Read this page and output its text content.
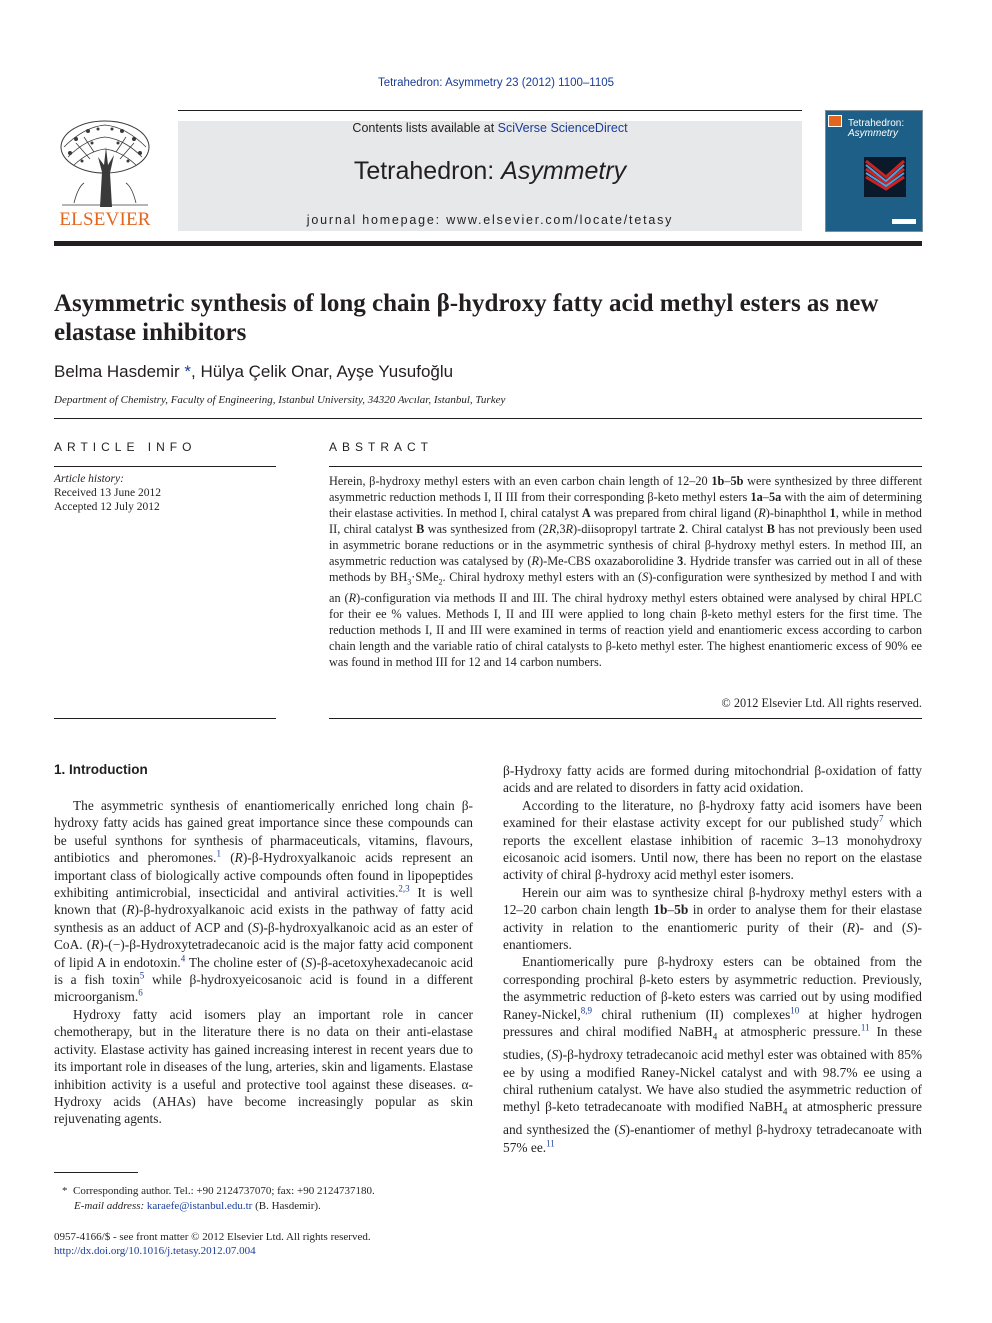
Tetrahedron: Asymmetry 23 (2012) 1100–1105
ELSEVIER
Contents lists available at SciVerse ScienceDirect
Tetrahedron: Asymmetry
journal homepage: www.elsevier.com/locate/tetasy
Tetrahedron:
Asymmetry
Asymmetric synthesis of long chain β-hydroxy fatty acid methyl esters as new elastase inhibitors
Belma Hasdemir *, Hülya Çelik Onar, Ayşe Yusufoğlu
Department of Chemistry, Faculty of Engineering, Istanbul University, 34320 Avcılar, Istanbul, Turkey
ARTICLE INFO
Article history:
Received 13 June 2012
Accepted 12 July 2012
ABSTRACT
Herein, β-hydroxy methyl esters with an even carbon chain length of 12–20 1b–5b were synthesized by three different asymmetric reduction methods I, II III from their corresponding β-keto methyl esters 1a–5a with the aim of determining their elastase activities. In method I, chiral catalyst A was prepared from chiral ligand (R)-binaphthol 1, while in method II, chiral catalyst B was synthesized from (2R,3R)-diisopropyl tartrate 2. Chiral catalyst B has not previously been used in asymmetric borane reductions or in the asymmetric synthesis of chiral β-hydroxy methyl esters. In method III, an asymmetric reduction was catalysed by (R)-Me-CBS oxazaborolidine 3. Hydride transfer was carried out in all of these methods by $BH_3\cdot SMe_2$. Chiral hydroxy methyl esters with an (S)-configuration were synthesized by method I and with an (R)-configuration via methods II and III. The chiral hydroxy methyl esters obtained were analysed by chiral HPLC for their ee % values. Methods I, II and III were applied to long chain β-keto methyl esters for the first time. The reduction methods I, II and III were examined in terms of reaction yield and enantiomeric excess according to carbon chain length and the variable ratio of chiral catalysts to β-keto methyl ester. The highest enantiomeric excess of 90% ee was found in method III for 12 and 14 carbon numbers.
© 2012 Elsevier Ltd. All rights reserved.
1. Introduction

The asymmetric synthesis of enantiomerically enriched long chain β-hydroxy fatty acids has gained great importance since these compounds can be useful synthons for synthesis of pharmaceuticals, vitamins, flavours, antibiotics and pheromones.$^1$ (R)-β-Hydroxyalkanoic acids represent an important class of biologically active compounds often found in lipopeptides exhibiting antimicrobial, insecticidal and antiviral activities.$^{2,3}$ It is well known that (R)-β-hydroxyalkanoic acid exists in the pathway of fatty acid synthesis as an adduct of ACP and (S)-β-hydroxyalkanoic acid as an ester of CoA. (R)-(−)-β-Hydroxytetradecanoic acid is the major fatty acid component of lipid A in endotoxin.$^4$ The choline ester of (S)-β-acetoxyhexadecanoic acid is a fish toxin$^5$ while β-hydroxyeicosanoic acid is found in a different microorganism.$^6$

Hydroxy fatty acid isomers play an important role in cancer chemotherapy, but in the literature there is no data on their anti-elastase activity. Elastase activity has gained increasing interest in recent years due to its important role in diseases of the lung, arteries, skin and ligaments. Elastase inhibition activity is a useful and protective tool against these diseases. α-Hydroxy acids (AHAs) have become increasingly popular as skin rejuvenating agents.

β-Hydroxy fatty acids are formed during mitochondrial β-oxidation of fatty acids and are related to disorders in fatty acid oxidation.

According to the literature, no β-hydroxy fatty acid isomers have been examined for their elastase activity except for our published study$^7$ which reports the excellent elastase inhibition of racemic 3–13 monohydroxy eicosanoic acid isomers. Until now, there has been no report on the elastase activity of chiral β-hydroxy acid methyl ester isomers.

Herein our aim was to synthesize chiral β-hydroxy methyl esters with a 12–20 carbon chain length 1b–5b in order to analyse them for their elastase activity in relation to the enantiomeric purity of their (R)- and (S)-enantiomers.

Enantiomerically pure β-hydroxy esters can be obtained from the corresponding prochiral β-keto esters by asymmetric reduction. Previously, the asymmetric reduction of β-keto esters was carried out by using modified Raney-Nickel,$^{8,9}$ chiral ruthenium (II) complexes$^{10}$ at higher hydrogen pressures and chiral modified NaBH$_4$ at atmospheric pressure.$^{11}$ In these studies, (S)-β-hydroxy tetradecanoic acid methyl ester was obtained with 85% ee by using a modified Raney-Nickel catalyst and with 98.7% ee using a chiral ruthenium catalyst. We have also studied the asymmetric reduction of methyl β-keto tetradecanoate with modified NaBH$_4$ at atmospheric pressure and synthesized the (S)-enantiomer of methyl β-hydroxy tetradecanoate with 57% ee.$^{11}$

*  Corresponding author. Tel.: +90 2124737070; fax: +90 2124737180.
E-mail address: karaefe@istanbul.edu.tr (B. Hasdemir).
0957-4166/$ - see front matter © 2012 Elsevier Ltd. All rights reserved.
http://dx.doi.org/10.1016/j.tetasy.2012.07.004
